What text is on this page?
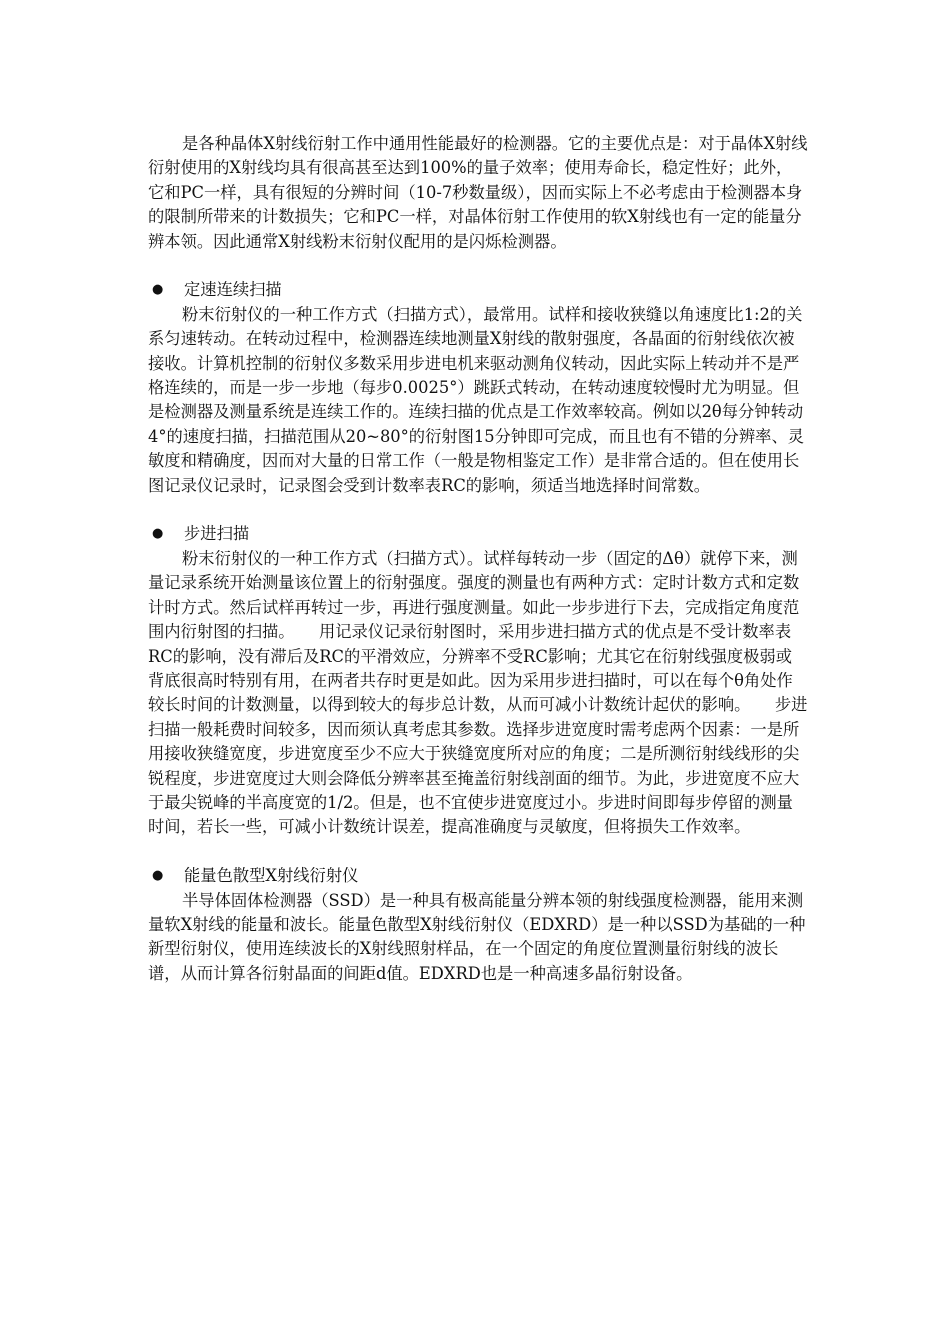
是各种晶体X射线衍射工作中通用性能最好的检测器。它的主要优点是：对于晶体X射线衍射使用的X射线均具有很高甚至达到100%的量子效率；使用寿命长，稳定性好；此外，它和PC一样，具有很短的分辨时间（10-7秒数量级），因而实际上不必考虑由于检测器本身的限制所带来的计数损失；它和PC一样，对晶体衍射工作使用的软X射线也有一定的能量分辨本领。因此通常X射线粉末衍射仪配用的是闪烁检测器。

● 定速连续扫描

粉末衍射仪的一种工作方式（扫描方式），最常用。试样和接收狭缝以角速度比1:2的关系匀速转动。在转动过程中，检测器连续地测量X射线的散射强度，各晶面的衍射线依次被接收。计算机控制的衍射仪多数采用步进电机来驱动测角仪转动，因此实际上转动并不是严格连续的，而是一步一步地（每步0.0025°）跳跃式转动，在转动速度较慢时尤为明显。但是检测器及测量系统是连续工作的。连续扫描的优点是工作效率较高。例如以2θ每分钟转动4°的速度扫描，扫描范围从20~80°的衍射图15分钟即可完成，而且也有不错的分辨率、灵敏度和精确度，因而对大量的日常工作（一般是物相鉴定工作）是非常合适的。但在使用长图记录仪记录时，记录图会受到计数率表RC的影响，须适当地选择时间常数。

● 步进扫描

粉末衍射仪的一种工作方式（扫描方式）。试样每转动一步（固定的Δθ）就停下来，测量记录系统开始测量该位置上的衍射强度。强度的测量也有两种方式：定时计数方式和定数计时方式。然后试样再转过一步，再进行强度测量。如此一步步进行下去，完成指定角度范围内衍射图的扫描。　　用记录仪记录衍射图时，采用步进扫描方式的优点是不受计数率表RC的影响，没有滞后及RC的平滑效应，分辨率不受RC影响；尤其它在衍射线强度极弱或背底很高时特别有用，在两者共存时更是如此。因为采用步进扫描时，可以在每个θ角处作较长时间的计数测量，以得到较大的每步总计数，从而可减小计数统计起伏的影响。　　步进扫描一般耗费时间较多，因而须认真考虑其参数。选择步进宽度时需考虑两个因素：一是所用接收狭缝宽度，步进宽度至少不应大于狭缝宽度所对应的角度；二是所测衍射线线形的尖锐程度，步进宽度过大则会降低分辨率甚至掩盖衍射线剖面的细节。为此，步进宽度不应大于最尖锐峰的半高度宽的1/2。但是，也不宜使步进宽度过小。步进时间即每步停留的测量时间，若长一些，可减小计数统计误差，提高准确度与灵敏度，但将损失工作效率。

● 能量色散型X射线衍射仪

半导体固体检测器（SSD）是一种具有极高能量分辨本领的射线强度检测器，能用来测量软X射线的能量和波长。能量色散型X射线衍射仪（EDXRD）是一种以SSD为基础的一种新型衍射仪，使用连续波长的X射线照射样品，在一个固定的角度位置测量衍射线的波长谱，从而计算各衍射晶面的间距d值。EDXRD也是一种高速多晶衍射设备。
